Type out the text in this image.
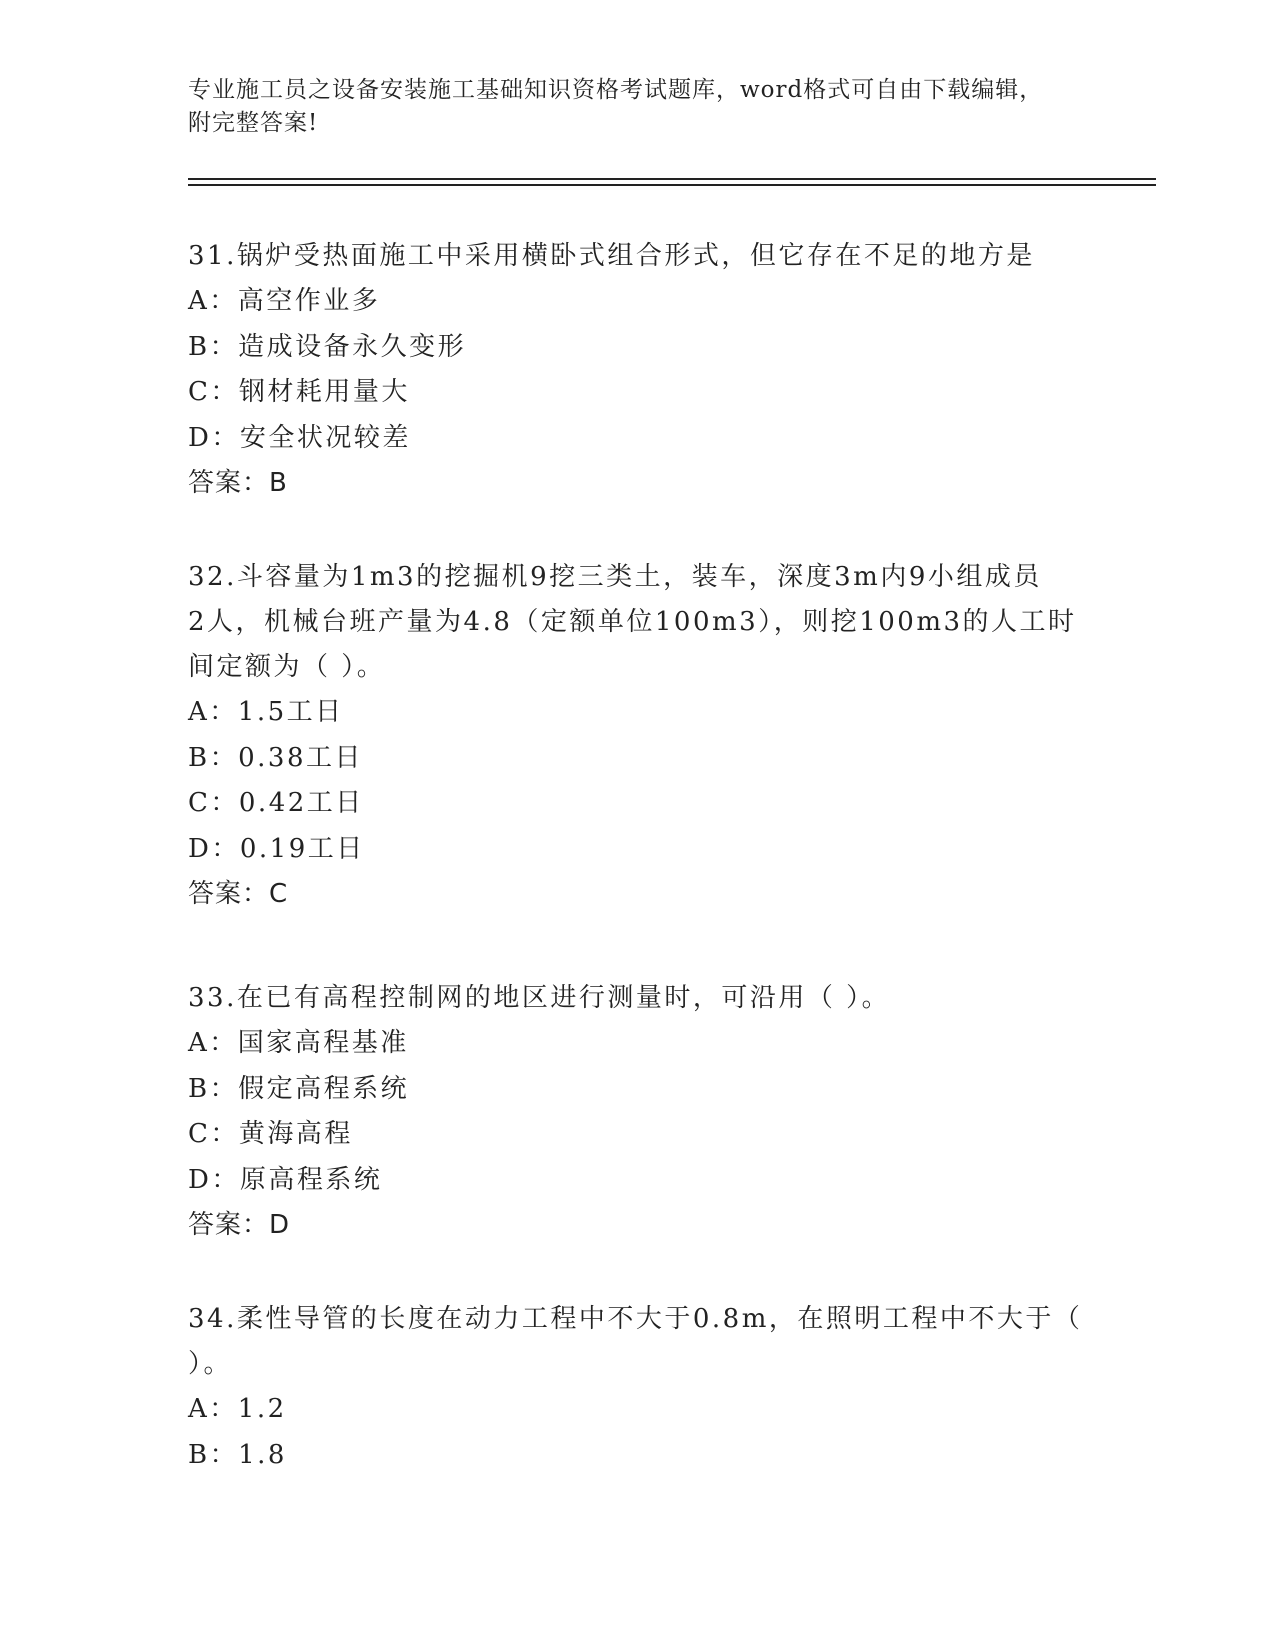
专业施工员之设备安装施工基础知识资格考试题库，word格式可自由下载编辑，
附完整答案!
31.锅炉受热面施工中采用横卧式组合形式，但它存在不足的地方是
A：高空作业多
B：造成设备永久变形
C：钢材耗用量大
D：安全状况较差
答案：B
32.斗容量为1m3的挖掘机9挖三类土，装车，深度3m内9小组成员
2人，机械台班产量为4.8（定额单位100m3），则挖100m3的人工时
间定额为（ ）。
A：1.5工日
B：0.38工日
C：0.42工日
D：0.19工日
答案：C
33.在已有高程控制网的地区进行测量时，可沿用（ ）。
A：国家高程基准
B：假定高程系统
C：黄海高程
D：原高程系统
答案：D
34.柔性导管的长度在动力工程中不大于0.8m，在照明工程中不大于（
）。
A：1.2
B：1.8
